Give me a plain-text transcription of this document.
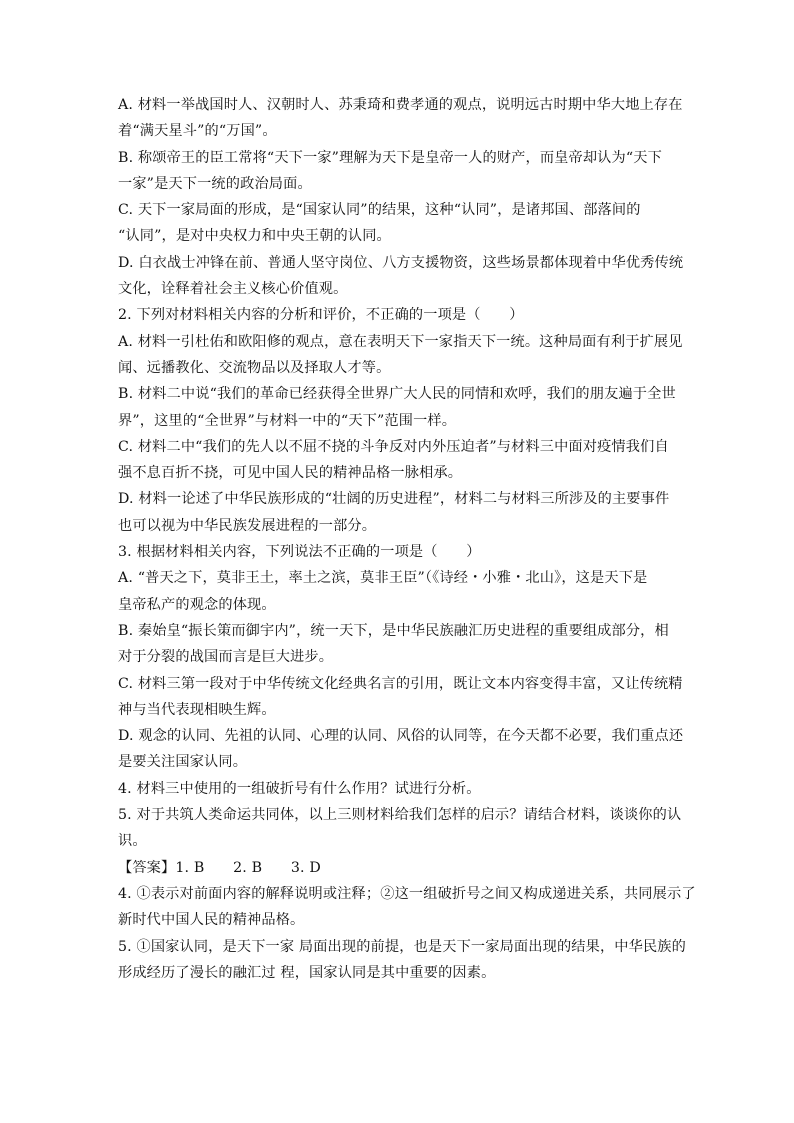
A. 材料一举战国时人、汉朝时人、苏秉琦和费孝通的观点，说明远古时期中华大地上存在
着“满天星斗”的“万国”。
B. 称颂帝王的臣工常将“天下一家”理解为天下是皇帝一人的财产，而皇帝却认为“天下
一家”是天下一统的政治局面。
C. 天下一家局面的形成，是“国家认同”的结果，这种“认同”，是诸邦国、部落间的
“认同”，是对中央权力和中央王朝的认同。
D. 白衣战士冲锋在前、普通人坚守岗位、八方支援物资，这些场景都体现着中华优秀传统
文化，诠释着社会主义核心价值观。
2. 下列对材料相关内容的分析和评价，不正确的一项是（　　）
A. 材料一引杜佑和欧阳修的观点，意在表明天下一家指天下一统。这种局面有利于扩展见
闻、远播教化、交流物品以及择取人才等。
B. 材料二中说“我们的革命已经获得全世界广大人民的同情和欢呼，我们的朋友遍于全世
界”，这里的“全世界”与材料一中的“天下”范围一样。
C. 材料二中“我们的先人以不屈不挠的斗争反对内外压迫者”与材料三中面对疫情我们自
强不息百折不挠，可见中国人民的精神品格一脉相承。
D. 材料一论述了中华民族形成的“壮阔的历史进程”，材料二与材料三所涉及的主要事件
也可以视为中华民族发展进程的一部分。
3. 根据材料相关内容，下列说法不正确的一项是（　　）
A. “普天之下，莫非王土，率土之滨，莫非王臣”（《诗经・小雅・北山》，这是天下是
皇帝私产的观念的体现。
B. 秦始皇“振长策而御宇内”，统一天下，是中华民族融汇历史进程的重要组成部分，相
对于分裂的战国而言是巨大进步。
C. 材料三第一段对于中华传统文化经典名言的引用，既让文本内容变得丰富，又让传统精
神与当代表现相映生辉。
D. 观念的认同、先祖的认同、心理的认同、风俗的认同等，在今天都不必要，我们重点还
是要关注国家认同。
4. 材料三中使用的一组破折号有什么作用？试进行分析。
5. 对于共筑人类命运共同体，以上三则材料给我们怎样的启示？请结合材料，谈谈你的认
识。
【答案】1. B　　2. B　　3. D
4. ①表示对前面内容的解释说明或注释；②这一组破折号之间又构成递进关系，共同展示了
新时代中国人民的精神品格。
5. ①国家认同，是天下一家 局面出现的前提，也是天下一家局面出现的结果，中华民族的
形成经历了漫长的融汇过 程，国家认同是其中重要的因素。
